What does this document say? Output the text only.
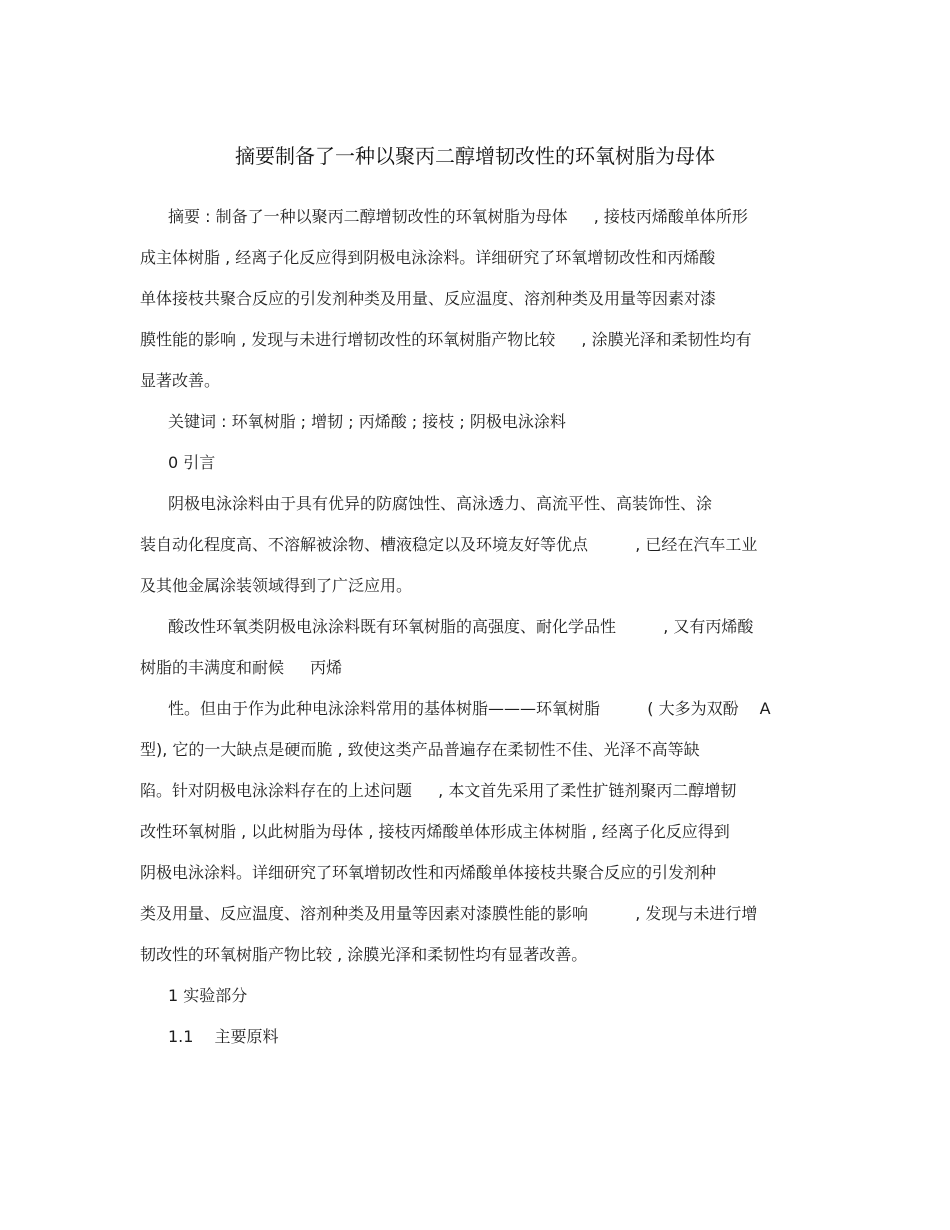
摘要制备了一种以聚丙二醇增韧改性的环氧树脂为母体
摘要 : 制备了一种以聚丙二醇增韧改性的环氧树脂为母体 　 , 接枝丙烯酸单体所形
成主体树脂 , 经离子化反应得到阴极电泳涂料。详细研究了环氧增韧改性和丙烯酸
单体接枝共聚合反应的引发剂种类及用量、反应温度、溶剂种类及用量等因素对漆
膜性能的影响 , 发现与未进行增韧改性的环氧树脂产物比较 　 , 涂膜光泽和柔韧性均有
显著改善。
关键词 : 环氧树脂 ; 增韧 ; 丙烯酸 ; 接枝 ; 阴极电泳涂料
0 引言
阴极电泳涂料由于具有优异的防腐蚀性、高泳透力、高流平性、高装饰性、涂
装自动化程度高、不溶解被涂物、槽液稳定以及环境友好等优点 　 　 , 已经在汽车工业
及其他金属涂装领域得到了广泛应用。
酸改性环氧类阴极电泳涂料既有环氧树脂的高强度、耐化学品性 　 　 , 又有丙烯酸
树脂的丰满度和耐候 　 丙烯
性。但由于作为此种电泳涂料常用的基体树脂———环氧树脂 　 　 ( 大多为双酚 　A
型), 它的一大缺点是硬而脆 , 致使这类产品普遍存在柔韧性不佳、光泽不高等缺
陷。针对阴极电泳涂料存在的上述问题 　 , 本文首先采用了柔性扩链剂聚丙二醇增韧
改性环氧树脂 , 以此树脂为母体 , 接枝丙烯酸单体形成主体树脂 , 经离子化反应得到
阴极电泳涂料。详细研究了环氧增韧改性和丙烯酸单体接枝共聚合反应的引发剂种
类及用量、反应温度、溶剂种类及用量等因素对漆膜性能的影响 　 　 , 发现与未进行增
韧改性的环氧树脂产物比较 , 涂膜光泽和柔韧性均有显著改善。
1 实验部分
1.1 　主要原料
